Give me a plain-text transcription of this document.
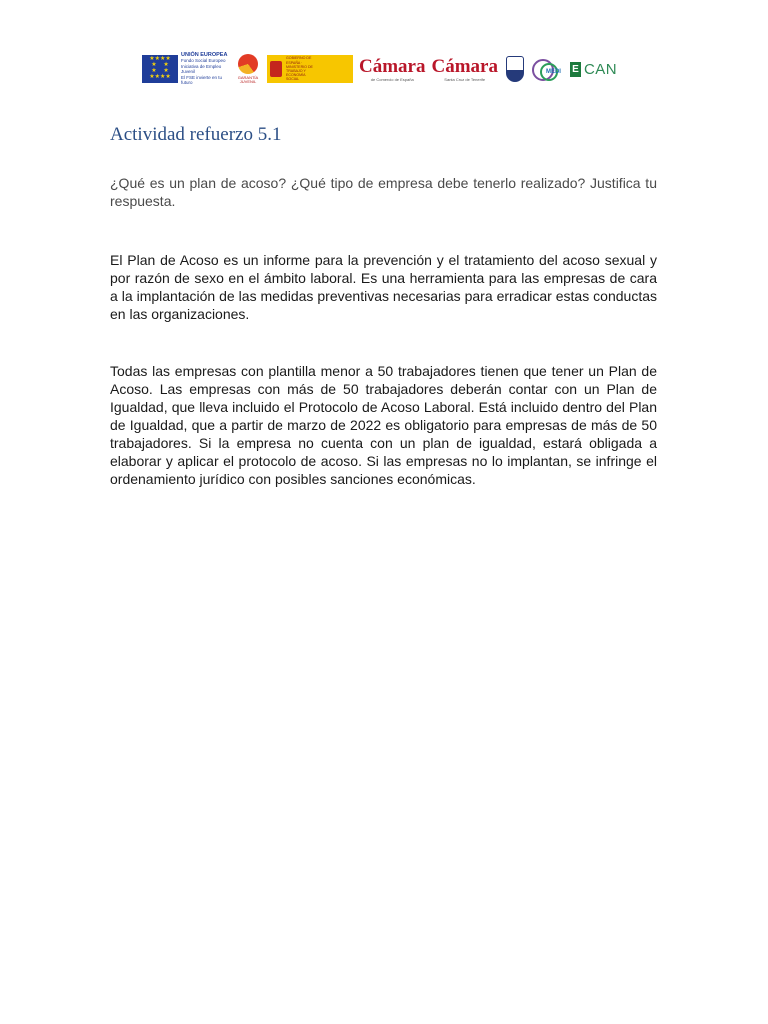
★★★★
★    ★
★    ★
★★★★
UNIÓN EUROPEA
Fondo Social Europeo
Iniciativa de Empleo Juvenil
El FSE invierte en tu futuro
GARANTÍA JUVENIL
GOBIERNO DE ESPAÑA · MINISTERIO DE TRABAJO Y ECONOMÍA SOCIAL
Cámara
de Comercio de España
Cámara
Santa Cruz de Tenerife
MEDI E CAN
Actividad refuerzo 5.1

¿Qué es un plan de acoso? ¿Qué tipo de empresa debe tenerlo realizado? Justifica tu respuesta.

El Plan de Acoso es un informe para la prevención y el tratamiento del acoso sexual y por razón de sexo en el ámbito laboral. Es una herramienta para las empresas de cara a la implantación de las medidas preventivas necesarias para erradicar estas conductas en las organizaciones.

Todas las empresas con plantilla menor a 50 trabajadores tienen que tener un Plan de Acoso. Las empresas con más de 50 trabajadores deberán contar con un Plan de Igualdad, que lleva incluido el Protocolo de Acoso Laboral. Está incluido dentro del Plan de Igualdad, que a partir de marzo de 2022 es obligatorio para empresas de más de 50 trabajadores. Si la empresa no cuenta con un plan de igualdad, estará obligada a elaborar y aplicar el protocolo de acoso. Si las empresas no lo implantan, se infringe el ordenamiento jurídico con posibles sanciones económicas.
